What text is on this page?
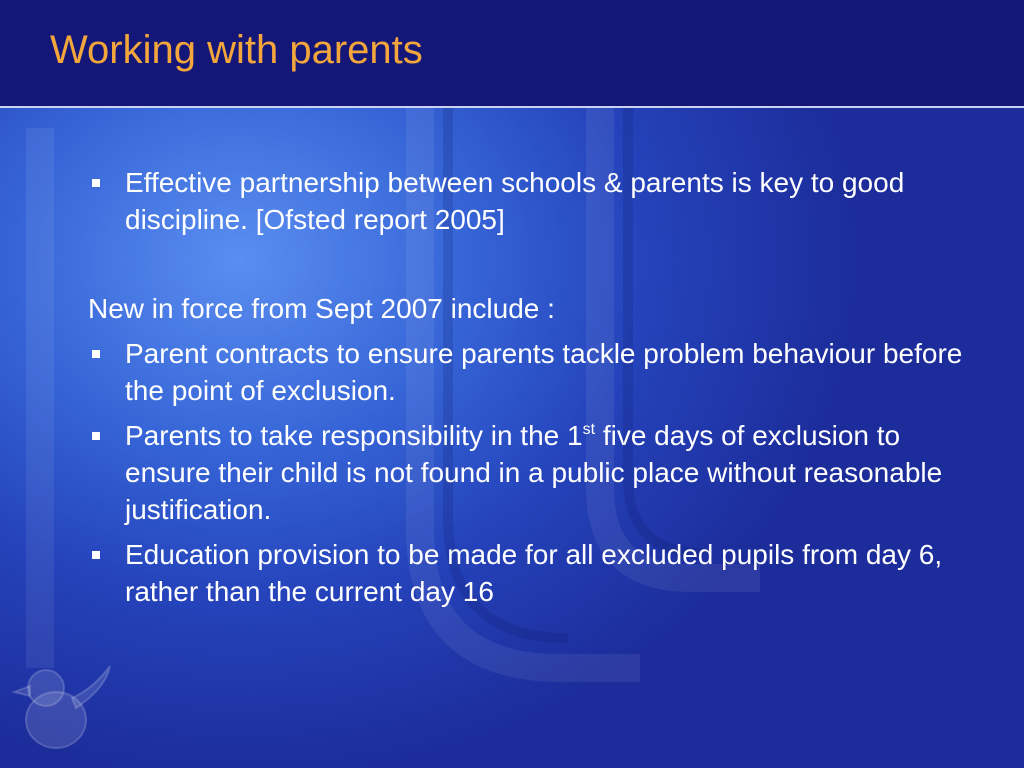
Working with parents
Effective partnership between schools & parents is key to good discipline. [Ofsted report 2005]
New in force from Sept 2007 include :
Parent contracts to ensure parents tackle problem behaviour before the point of exclusion.
Parents to take responsibility in the 1st five days of exclusion to ensure their child is not found in a public place without reasonable justification.
Education provision to be made for all excluded pupils from day 6, rather than the current day 16
